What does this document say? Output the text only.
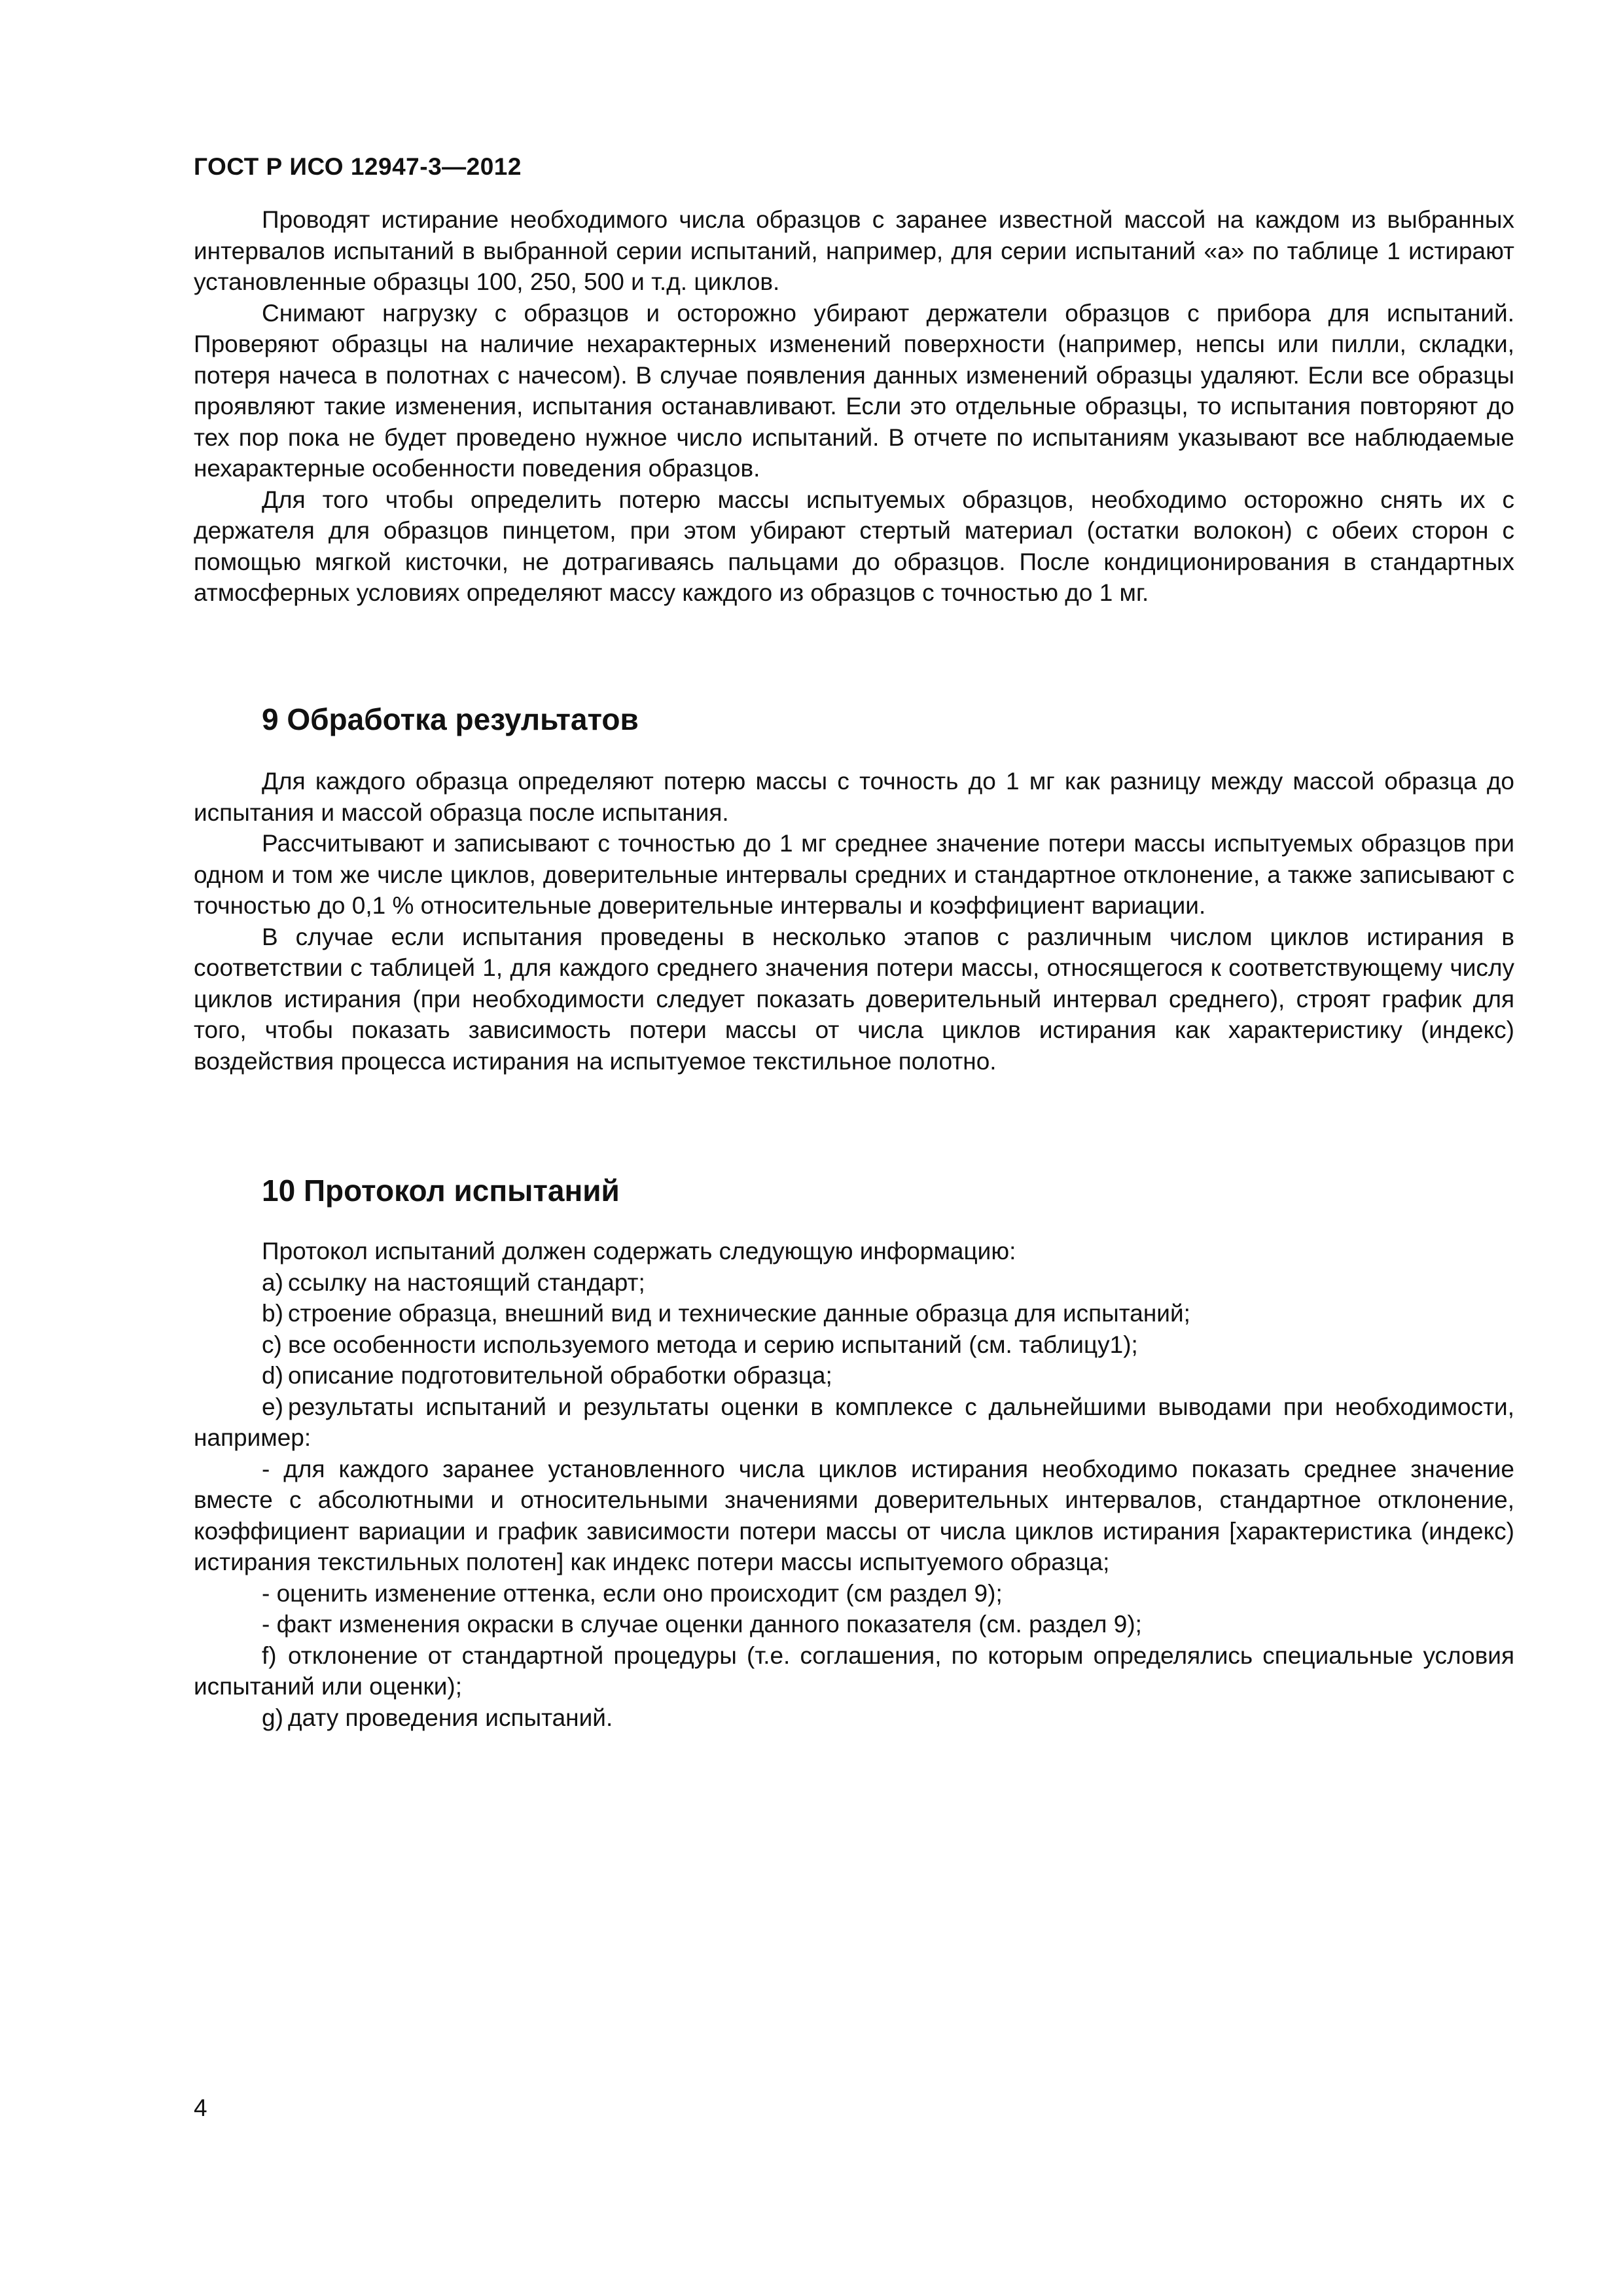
ГОСТ Р ИСО 12947-3—2012

Проводят истирание необходимого числа образцов с заранее известной массой на каждом из выбранных интервалов испытаний в выбранной серии испытаний, например, для серии испытаний «а» по таблице 1 истирают установленные образцы 100, 250, 500 и т.д. циклов.

Снимают нагрузку с образцов и осторожно убирают держатели образцов с прибора для испытаний. Проверяют образцы на наличие нехарактерных изменений поверхности (например, непсы или пилли, складки, потеря начеса в полотнах с начесом). В случае появления данных изменений образцы удаляют. Если все образцы проявляют такие изменения, испытания останавливают. Если это отдельные образцы, то испытания повторяют до тех пор пока не будет проведено нужное число испытаний. В отчете по испытаниям указывают все наблюдаемые нехарактерные особенности поведения образцов.

Для того чтобы определить потерю массы испытуемых образцов, необходимо осторожно снять их с держателя для образцов пинцетом, при этом убирают стертый материал (остатки волокон) с обеих сторон с помощью мягкой кисточки, не дотрагиваясь пальцами до образцов. После кондиционирования в стандартных атмосферных условиях определяют массу каждого из образцов с точностью до 1 мг.

9 Обработка результатов

Для каждого образца определяют потерю массы с точность до 1 мг как разницу между массой образца до испытания и массой образца после испытания.

Рассчитывают и записывают с точностью до 1 мг среднее значение потери массы испытуемых образцов при одном и том же числе циклов, доверительные интервалы средних и стандартное отклонение, а также записывают с точностью до 0,1 % относительные доверительные интервалы и коэффициент вариации.

В случае если испытания проведены в несколько этапов с различным числом циклов истирания в соответствии с таблицей 1, для каждого среднего значения потери массы, относящегося к соответствующему числу циклов истирания (при необходимости следует показать доверительный интервал среднего), строят график для того, чтобы показать зависимость потери массы от числа циклов истирания как характеристику (индекс) воздействия процесса истирания на испытуемое текстильное полотно.

10 Протокол испытаний

Протокол испытаний должен содержать следующую информацию:

a) ссылку на настоящий стандарт;
b) строение образца, внешний вид и технические данные образца для испытаний;
c) все особенности используемого метода и серию испытаний (см. таблицу1);
d) описание подготовительной обработки образца;
e) результаты испытаний и результаты оценки в комплексе с дальнейшими выводами при необходимости, например:

- для каждого заранее установленного числа циклов истирания необходимо показать среднее значение вместе с абсолютными и относительными значениями доверительных интервалов, стандартное отклонение, коэффициент вариации и график зависимости потери массы от числа циклов истирания [характеристика (индекс) истирания текстильных полотен] как индекс потери массы испытуемого образца;

- оценить изменение оттенка, если оно происходит (см раздел 9);

- факт изменения окраски в случае оценки данного показателя (см. раздел 9);

f) отклонение от стандартной процедуры (т.е. соглашения, по которым определялись специальные условия испытаний или оценки);
g) дату проведения испытаний.
4
